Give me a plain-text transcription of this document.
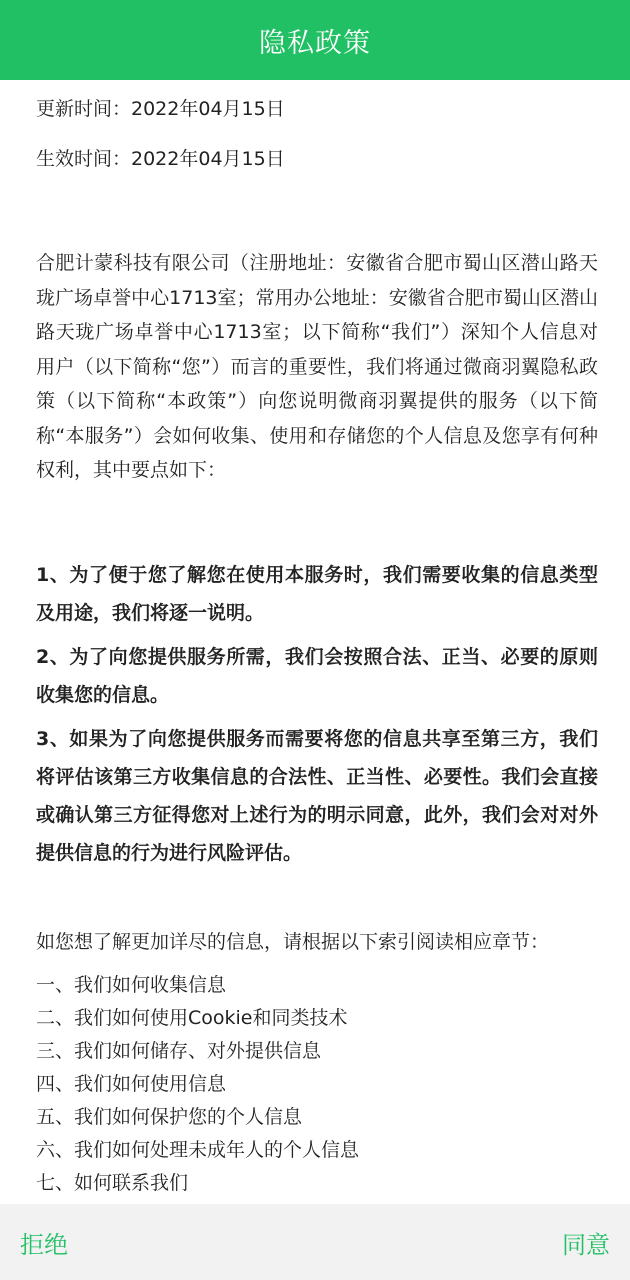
隐私政策

更新时间：2022年04月15日

生效时间：2022年04月15日

合肥计蒙科技有限公司（注册地址：安徽省合肥市蜀山区潜山路天珑广场卓誉中心1713室；常用办公地址：安徽省合肥市蜀山区潜山路天珑广场卓誉中心1713室；以下简称“我们”）深知个人信息对用户（以下简称“您”）而言的重要性，我们将通过微商羽翼隐私政策（以下简称“本政策”）向您说明微商羽翼提供的服务（以下简称“本服务”）会如何收集、使用和存储您的个人信息及您享有何种权利，其中要点如下：

1、为了便于您了解您在使用本服务时，我们需要收集的信息类型及用途，我们将逐一说明。

2、为了向您提供服务所需，我们会按照合法、正当、必要的原则收集您的信息。

3、如果为了向您提供服务而需要将您的信息共享至第三方，我们将评估该第三方收集信息的合法性、正当性、必要性。我们会直接或确认第三方征得您对上述行为的明示同意，此外，我们会对对外提供信息的行为进行风险评估。

如您想了解更加详尽的信息，请根据以下索引阅读相应章节：

一、我们如何收集信息
二、我们如何使用Cookie和同类技术
三、我们如何储存、对外提供信息
四、我们如何使用信息
五、我们如何保护您的个人信息
六、我们如何处理未成年人的个人信息
七、如何联系我们
拒绝	同意
